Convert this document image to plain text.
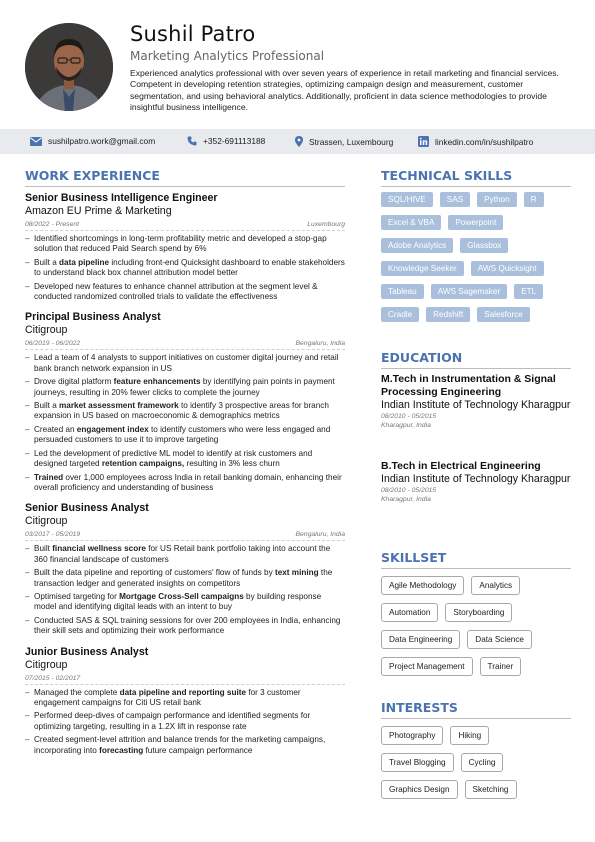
Sushil Patro
Marketing Analytics Professional
Experienced analytics professional with over seven years of experience in retail marketing and financial services. Competent in developing retention strategies, optimizing campaign design and measurement, customer segmentation, and using behavioral analytics. Additionally, proficient in data science methodologies to provide insightful business intelligence.
sushilpatro.work@gmail.com	+352-691113188	Strassen, Luxembourg	linkedin.com/in/sushilpatro
WORK EXPERIENCE	TECHNICAL SKILLS
EDUCATION
SKILLSET
INTERESTS
Senior Business Intelligence Engineer
Amazon EU Prime & Marketing
08/2022 - Present	Luxembourg
– Identified shortcomings in long-term profitability metric and developed a stop-gap solution that reduced Paid Search spend by 6%
– Built a data pipeline including front-end Quicksight dashboard to enable stakeholders to understand black box channel attribution model better
– Developed new features to enhance channel attribution at the segment level & conducted randomized controlled trials to validate the effectiveness
Principal Business Analyst
Citigroup
06/2019 - 06/2022	Bengaluru, India
– Lead a team of 4 analysts to support initiatives on customer digital journey and retail bank branch network expansion in US
– Drove digital platform feature enhancements by identifying pain points in payment journeys, resulting in 20% fewer clicks to complete the journey
– Built a market assessment framework to identify 3 prospective areas for branch expansion in US based on macroeconomic & demographics metrics
– Created an engagement index to identify customers who were less engaged and persuaded customers to use it to improve targeting
– Led the development of predictive ML model to identify at risk customers and designed targeted retention campaigns, resulting in 3% less churn
– Trained over 1,000 employees across India in retail banking domain, enhancing their overall proficiency and understanding of business
Senior Business Analyst
Citigroup
03/2017 - 05/2019	Bengaluru, India
– Built financial wellness score for US Retail bank portfolio taking into account the 360 financial landscape of customers
– Built the data pipeline and reporting of customers' flow of funds by text mining the transaction ledger and generated insights on competitors
– Optimised targeting for Mortgage Cross-Sell campaigns by building response model and identifying digital leads with an intent to buy
– Conducted SAS & SQL training sessions for over 200 employees in India, enhancing their skill sets and optimizing their work performance
Junior Business Analyst
Citigroup
07/2015 - 02/2017
– Managed the complete data pipeline and reporting suite for 3 customer engagement campaigns for Citi US retail bank
– Performed deep-dives of campaign performance and identified segments for optimizing targeting, resulting in a 1.2X lift in response rate
– Created segment-level attrition and balance trends for the marketing campaigns, incorporating into forecasting future campaign performance
SQL/HIVE	SAS	Python	R
Excel & VBA	Powerpoint
Adobe Analytics	Glassbox
Knowledge Seeker	AWS Quicksight
Tableau	AWS Sagemaker	ETL
Cradle	Redshift	Salesforce
M.Tech in Instrumentation & Signal Processing Engineering
Indian Institute of Technology Kharagpur
08/2010 - 05/2015
Kharagpur, India
B.Tech in Electrical Engineering
Indian Institute of Technology Kharagpur
08/2010 - 05/2015
Kharagpur, India
Agile Methodology	Analytics
Automation	Storyboarding
Data Engineering	Data Science
Project Management	Trainer
Photography	Hiking
Travel Blogging	Cycling
Graphics Design	Sketching
